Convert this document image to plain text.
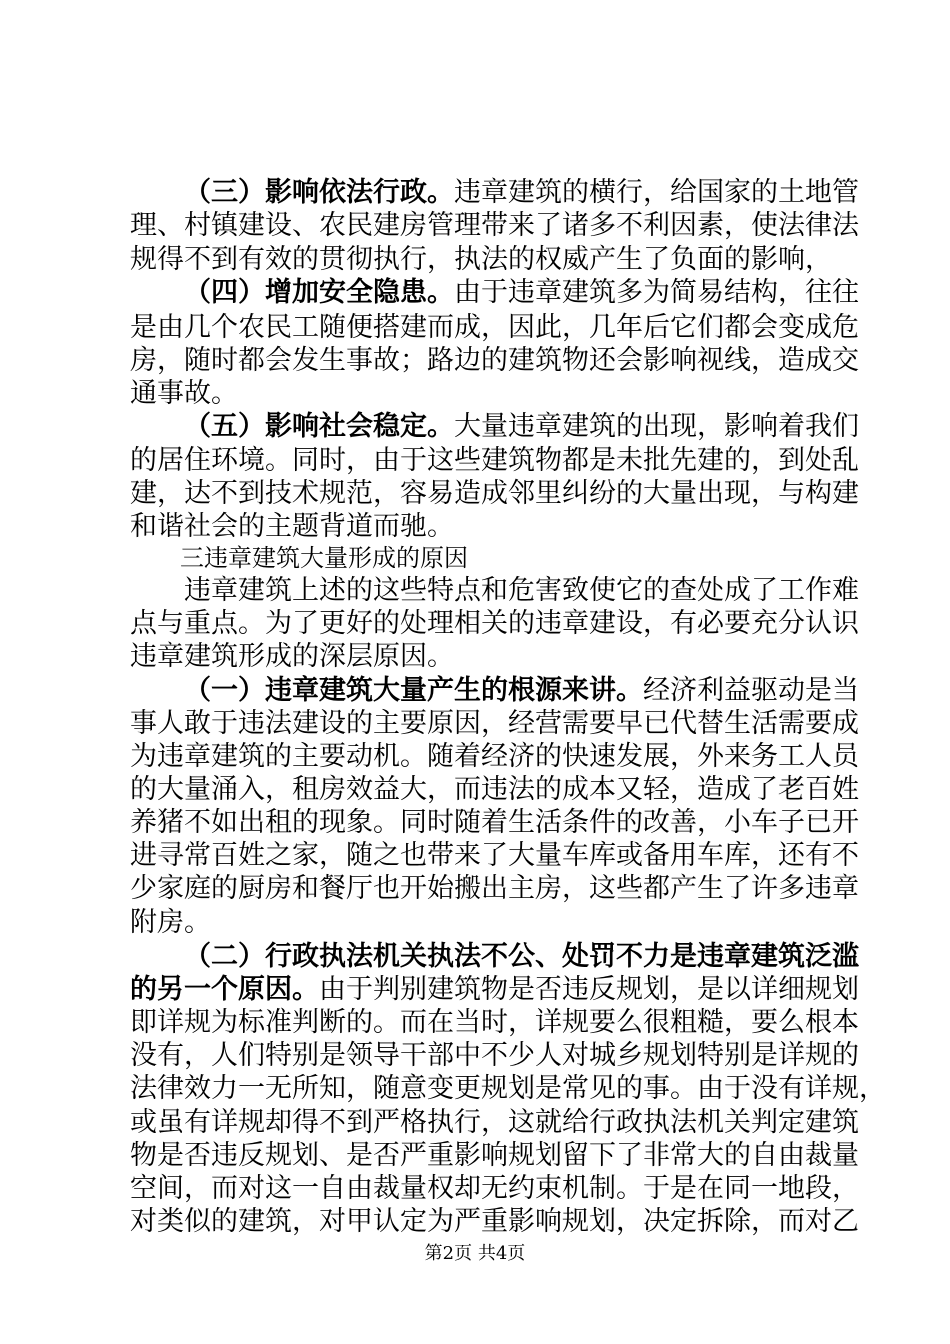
（三）影响依法行政。违章建筑的横行，给国家的土地管
理、村镇建设、农民建房管理带来了诸多不利因素，使法律法
规得不到有效的贯彻执行，执法的权威产生了负面的影响，
（四）增加安全隐患。由于违章建筑多为简易结构，往往
是由几个农民工随便搭建而成，因此，几年后它们都会变成危
房，随时都会发生事故；路边的建筑物还会影响视线，造成交
通事故。
（五）影响社会稳定。大量违章建筑的出现，影响着我们
的居住环境。同时，由于这些建筑物都是未批先建的，到处乱
建，达不到技术规范，容易造成邻里纠纷的大量出现，与构建
和谐社会的主题背道而驰。
三违章建筑大量形成的原因
违章建筑上述的这些特点和危害致使它的查处成了工作难
点与重点。为了更好的处理相关的违章建设，有必要充分认识
违章建筑形成的深层原因。
（一）违章建筑大量产生的根源来讲。经济利益驱动是当
事人敢于违法建设的主要原因，经营需要早已代替生活需要成
为违章建筑的主要动机。随着经济的快速发展，外来务工人员
的大量涌入，租房效益大，而违法的成本又轻，造成了老百姓
养猪不如出租的现象。同时随着生活条件的改善，小车子已开
进寻常百姓之家，随之也带来了大量车库或备用车库，还有不
少家庭的厨房和餐厅也开始搬出主房，这些都产生了许多违章
附房。
（二）行政执法机关执法不公、处罚不力是违章建筑泛滥
的另一个原因。由于判别建筑物是否违反规划，是以详细规划
即详规为标准判断的。而在当时，详规要么很粗糙，要么根本
没有，人们特别是领导干部中不少人对城乡规划特别是详规的
法律效力一无所知，随意变更规划是常见的事。由于没有详规，
或虽有详规却得不到严格执行，这就给行政执法机关判定建筑
物是否违反规划、是否严重影响规划留下了非常大的自由裁量
空间，而对这一自由裁量权却无约束机制。于是在同一地段，
对类似的建筑，对甲认定为严重影响规划，决定拆除，而对乙
第2页 共4页
